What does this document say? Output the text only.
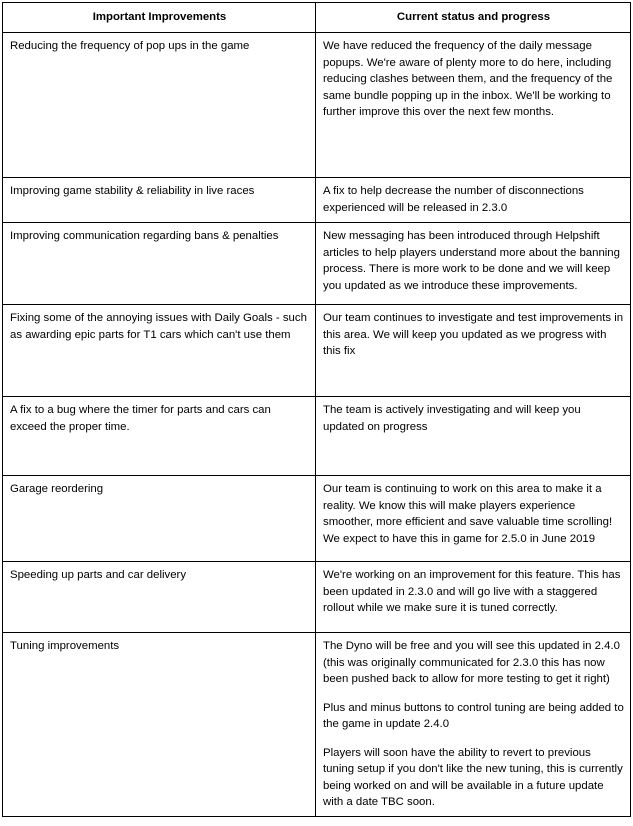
Important Improvements	Current status and progress
Reducing the frequency of pop ups in the game	We have reduced the frequency of the daily message popups. We're aware of plenty more to do here, including reducing clashes between them, and the frequency of the same bundle popping up in the inbox. We'll be working to further improve this over the next few months.

Improving game stability & reliability in live races	A fix to help decrease the number of disconnections experienced will be released in 2.3.0

Improving communication regarding bans & penalties	New messaging has been introduced through Helpshift articles to help players understand more about the banning process. There is more work to be done and we will keep you updated as we introduce these improvements.

Fixing some of the annoying issues with Daily Goals - such as awarding epic parts for T1 cars which can't use them	Our team continues to investigate and test improvements in this area. We will keep you updated as we progress with this fix

A fix to a bug where the timer for parts and cars can exceed the proper time.	The team is actively investigating and will keep you updated on progress

Garage reordering	Our team is continuing to work on this area to make it a reality. We know this will make players experience smoother, more efficient and save valuable time scrolling! We expect to have this in game for 2.5.0 in June 2019

Speeding up parts and car delivery	We're working on an improvement for this feature. This has been updated in 2.3.0 and will go live with a staggered rollout while we make sure it is tuned correctly.

Tuning improvements	The Dyno will be free and you will see this updated in 2.4.0 (this was originally communicated for 2.3.0 this has now been pushed back to allow for more testing to get it right)

Plus and minus buttons to control tuning are being added to the game in update 2.4.0

Players will soon have the ability to revert to previous tuning setup if you don't like the new tuning, this is currently being worked on and will be available in a future update with a date TBC soon.
